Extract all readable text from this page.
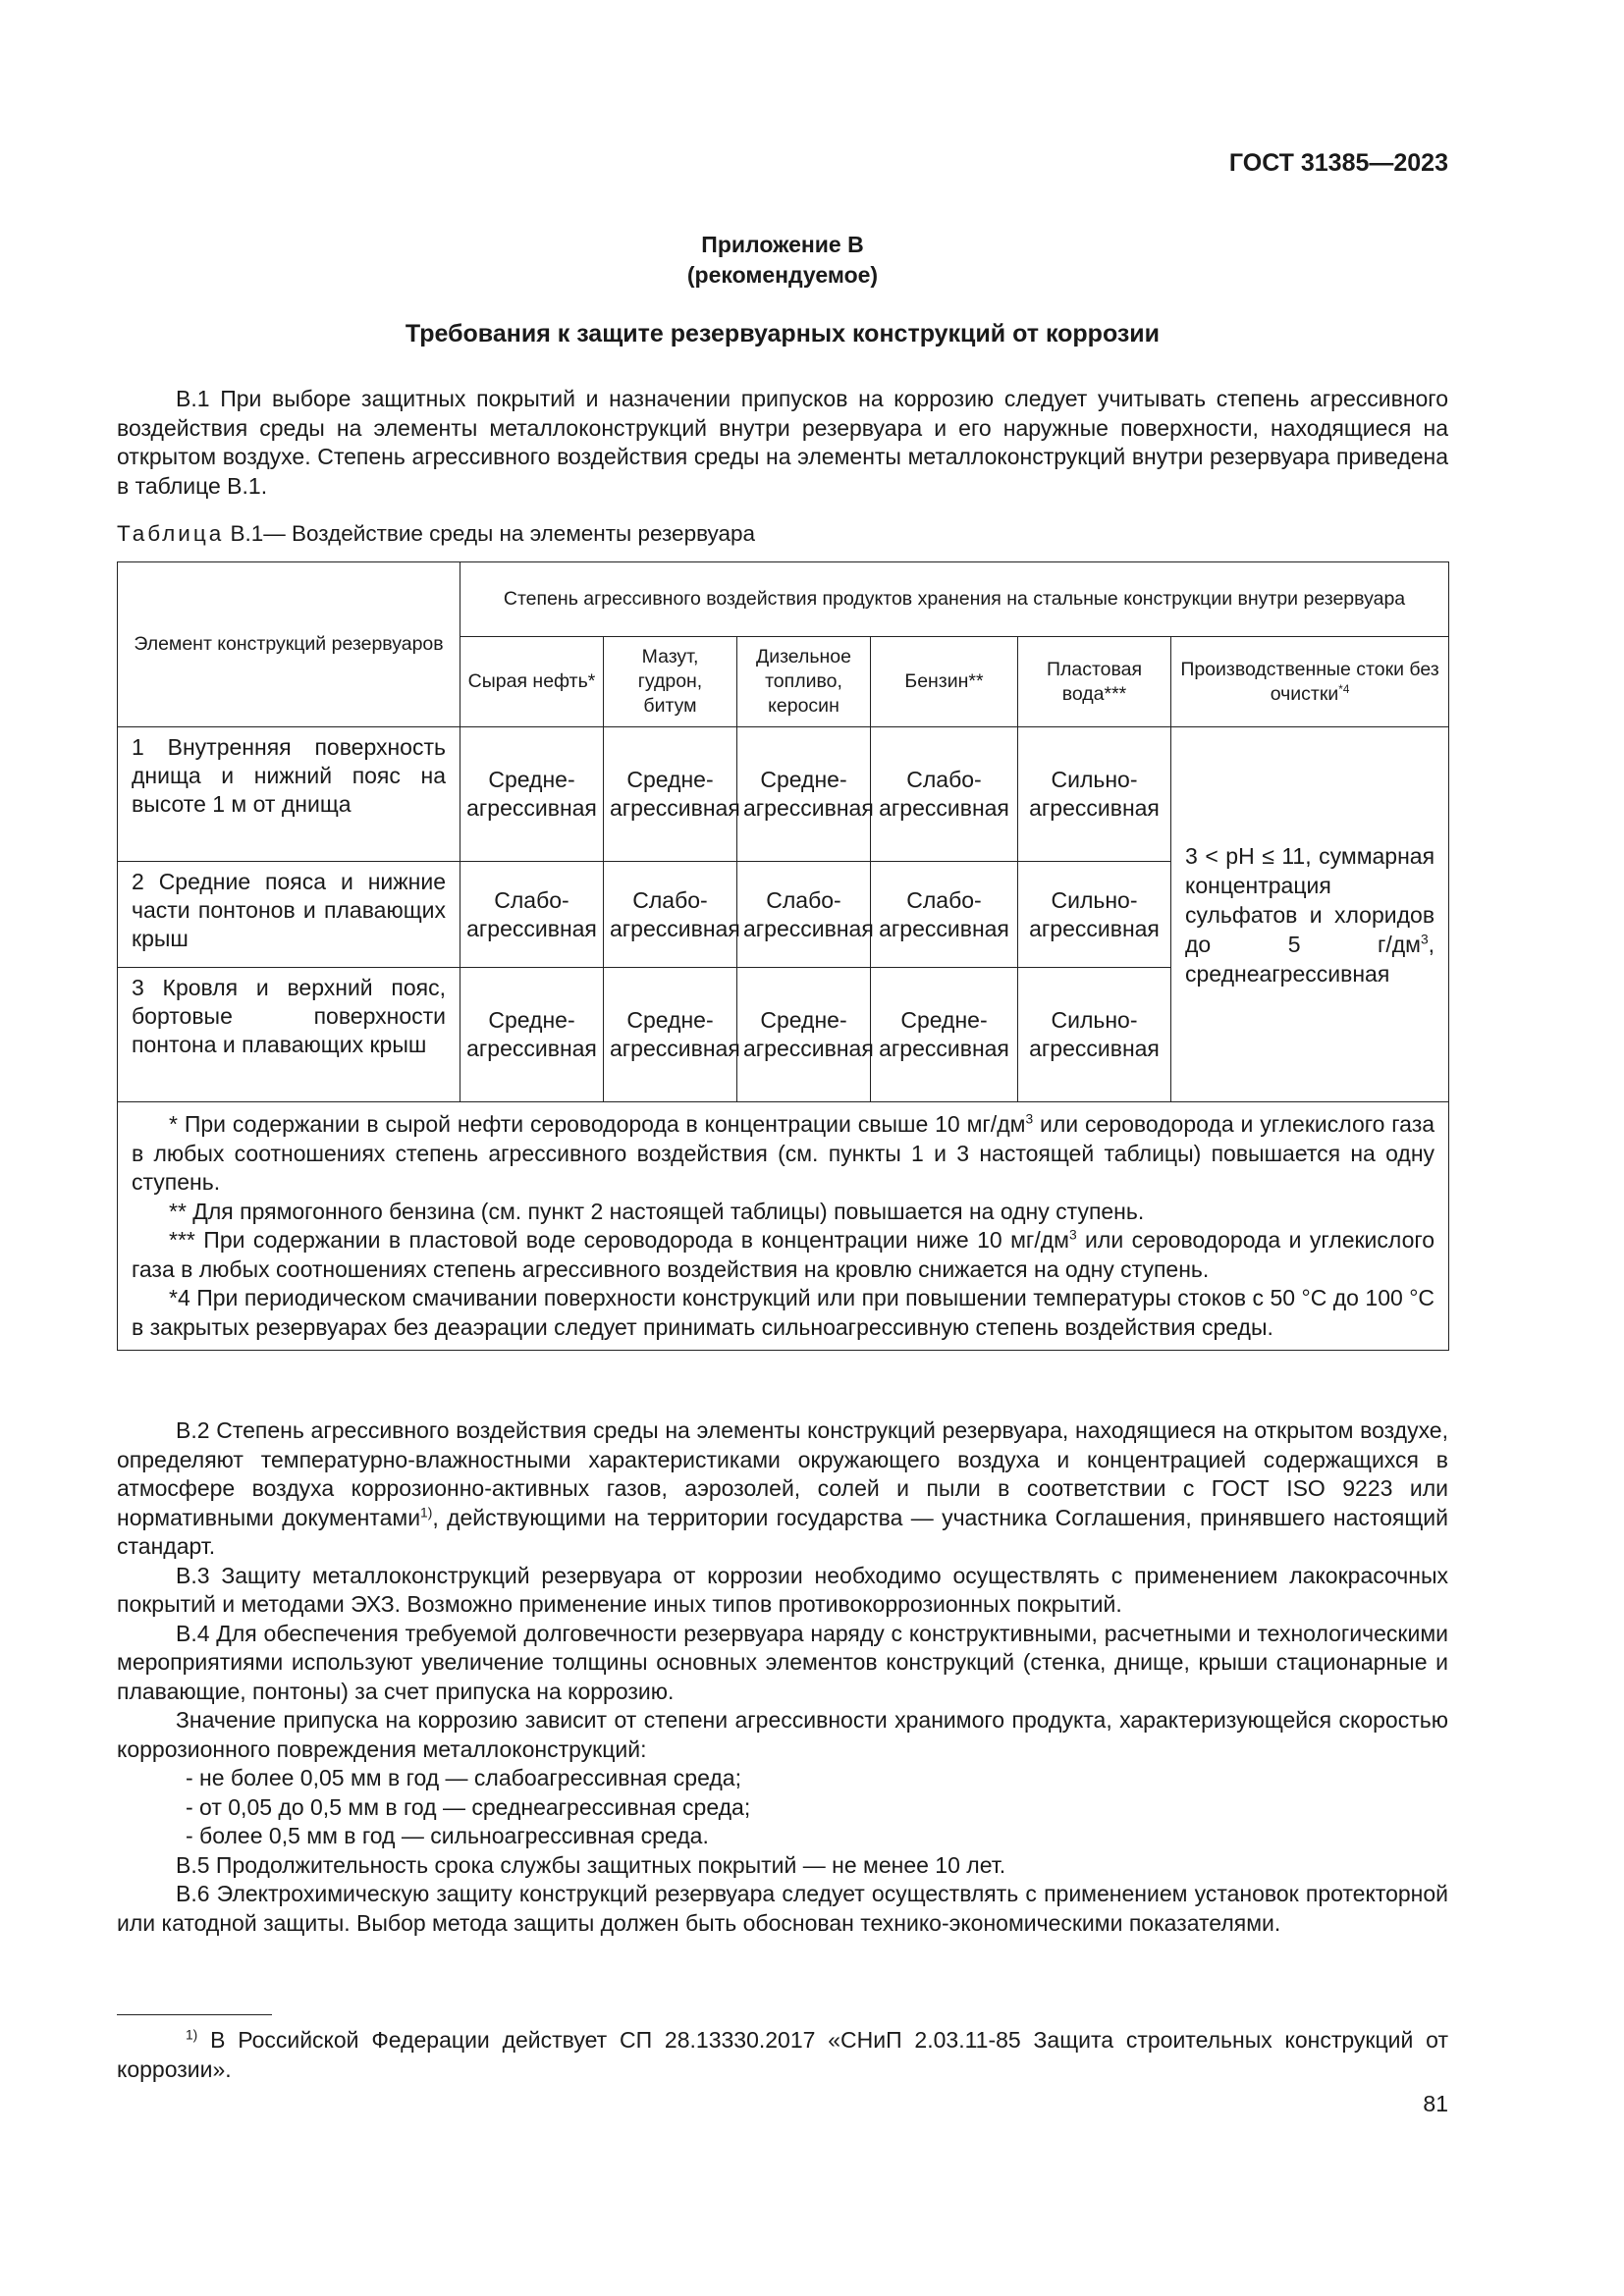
ГОСТ 31385—2023
Приложение В
(рекомендуемое)
Требования к защите резервуарных конструкций от коррозии

В.1 При выборе защитных покрытий и назначении припусков на коррозию следует учитывать степень агрессивного воздействия среды на элементы металлоконструкций внутри резервуара и его наружные поверхности, находящиеся на открытом воздухе. Степень агрессивного воздействия среды на элементы металлоконструкций внутри резервуара приведена в таблице В.1.

Таблица В.1— Воздействие среды на элементы резервуара
Элемент конструкций резервуаров	Степень агрессивного воздействия продуктов хранения на стальные конструкции внутри резервуара					
	Сырая нефть*	Мазут, гудрон, битум	Дизельное топливо, керосин	Бензин**	Пластовая вода***	Производственные стоки без очистки$^{*4}$
1 Внутренняя поверхность днища и нижний пояс на высоте 1 м от днища	Средне-агрессивная	Средне-агрессивная	Средне-агрессивная	Слабо-агрессивная	Сильно-агрессивная	3 < pH ≤ 11, суммарная концентрация сульфатов и хлоридов до 5 $г/дм^3$, среднеагрессивная
2 Средние пояса и нижние части понтонов и плавающих крыш	Слабо-агрессивная	Слабо-агрессивная	Слабо-агрессивная	Слабо-агрессивная	Сильно-агрессивная	
3 Кровля и верхний пояс, бортовые поверхности понтона и плавающих крыш	Средне-агрессивная	Средне-агрессивная	Средне-агрессивная	Средне-агрессивная	Сильно-агрессивная	

* При содержании в сырой нефти сероводорода в концентрации свыше 10 $мг/дм^3$ или сероводорода и углекислого газа в любых соотношениях степень агрессивного воздействия (см. пункты 1 и 3 настоящей таблицы) повышается на одну ступень.

** Для прямогонного бензина (см. пункт 2 настоящей таблицы) повышается на одну ступень.

*** При содержании в пластовой воде сероводорода в концентрации ниже 10 $мг/дм^3$ или сероводорода и углекислого газа в любых соотношениях степень агрессивного воздействия на кровлю снижается на одну ступень.

*4 При периодическом смачивании поверхности конструкций или при повышении температуры стоков с 50 °С до 100 °С в закрытых резервуарах без деаэрации следует принимать сильноагрессивную степень воздействия среды.						

В.2 Степень агрессивного воздействия среды на элементы конструкций резервуара, находящиеся на открытом воздухе, определяют температурно-влажностными характеристиками окружающего воздуха и концентрацией содержащихся в атмосфере воздуха коррозионно-активных газов, аэрозолей, солей и пыли в соответствии с ГОСТ ISO 9223 или нормативными документами$^{1)}$, действующими на территории государства — участника Соглашения, принявшего настоящий стандарт.

В.3 Защиту металлоконструкций резервуара от коррозии необходимо осуществлять с применением лакокрасочных покрытий и методами ЭХЗ. Возможно применение иных типов противокоррозионных покрытий.

В.4 Для обеспечения требуемой долговечности резервуара наряду с конструктивными, расчетными и технологическими мероприятиями используют увеличение толщины основных элементов конструкций (стенка, днище, крыши стационарные и плавающие, понтоны) за счет припуска на коррозию.

Значение припуска на коррозию зависит от степени агрессивности хранимого продукта, характеризующейся скоростью коррозионного повреждения металлоконструкций:

- не более 0,05 мм в год — слабоагрессивная среда;

- от 0,05 до 0,5 мм в год — среднеагрессивная среда;

- более 0,5 мм в год — сильноагрессивная среда.

В.5 Продолжительность срока службы защитных покрытий — не менее 10 лет.

В.6 Электрохимическую защиту конструкций резервуара следует осуществлять с применением установок протекторной или катодной защиты. Выбор метода защиты должен быть обоснован технико-экономическими показателями.

$^{1)}$ В Российской Федерации действует СП 28.13330.2017 «СНиП 2.03.11-85 Защита строительных конструкций от коррозии».

81
